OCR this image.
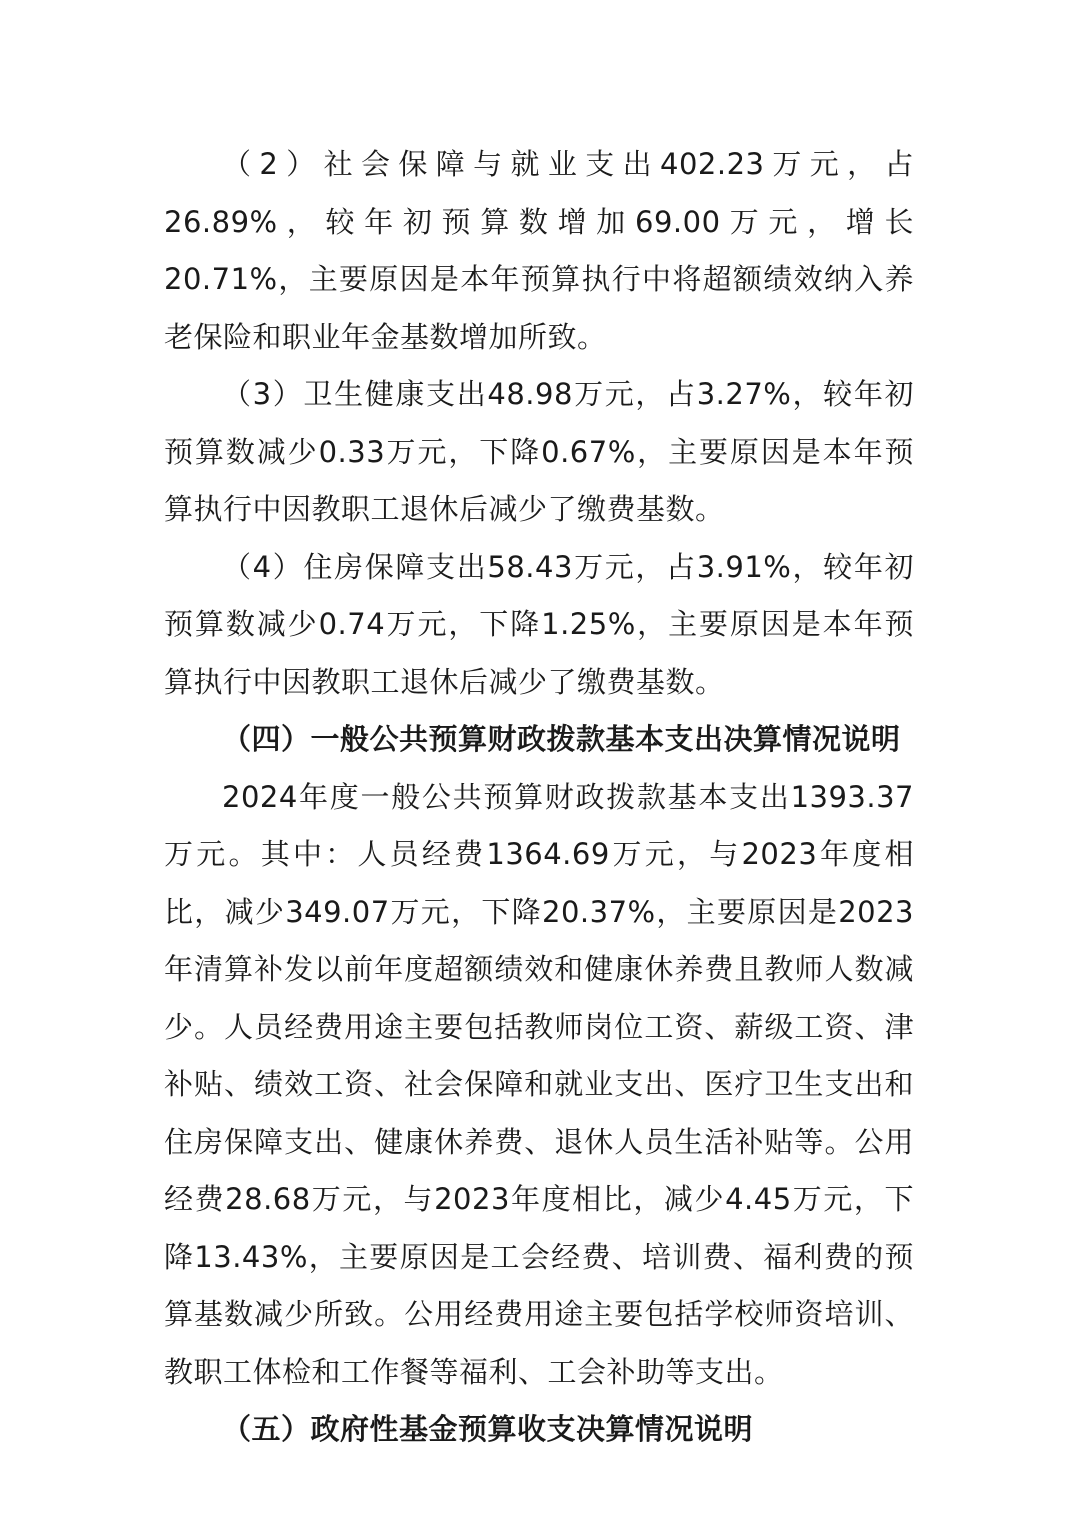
（2）社会保障与就业支出402.23万元，占26.89%，较年初预算数增加69.00万元，增长20.71%，主要原因是本年预算执行中将超额绩效纳入养老保险和职业年金基数增加所致。

（3）卫生健康支出48.98万元，占3.27%，较年初预算数减少0.33万元，下降0.67%，主要原因是本年预算执行中因教职工退休后减少了缴费基数。

（4）住房保障支出58.43万元，占3.91%，较年初预算数减少0.74万元，下降1.25%，主要原因是本年预算执行中因教职工退休后减少了缴费基数。

（四）一般公共预算财政拨款基本支出决算情况说明

2024年度一般公共预算财政拨款基本支出1393.37万元。其中：人员经费1364.69万元，与2023年度相比，减少349.07万元，下降20.37%，主要原因是2023年清算补发以前年度超额绩效和健康休养费且教师人数减少。人员经费用途主要包括教师岗位工资、薪级工资、津补贴、绩效工资、社会保障和就业支出、医疗卫生支出和住房保障支出、健康休养费、退休人员生活补贴等。公用经费28.68万元，与2023年度相比，减少4.45万元，下降13.43%，主要原因是工会经费、培训费、福利费的预算基数减少所致。公用经费用途主要包括学校师资培训、教职工体检和工作餐等福利、工会补助等支出。

（五）政府性基金预算收支决算情况说明
